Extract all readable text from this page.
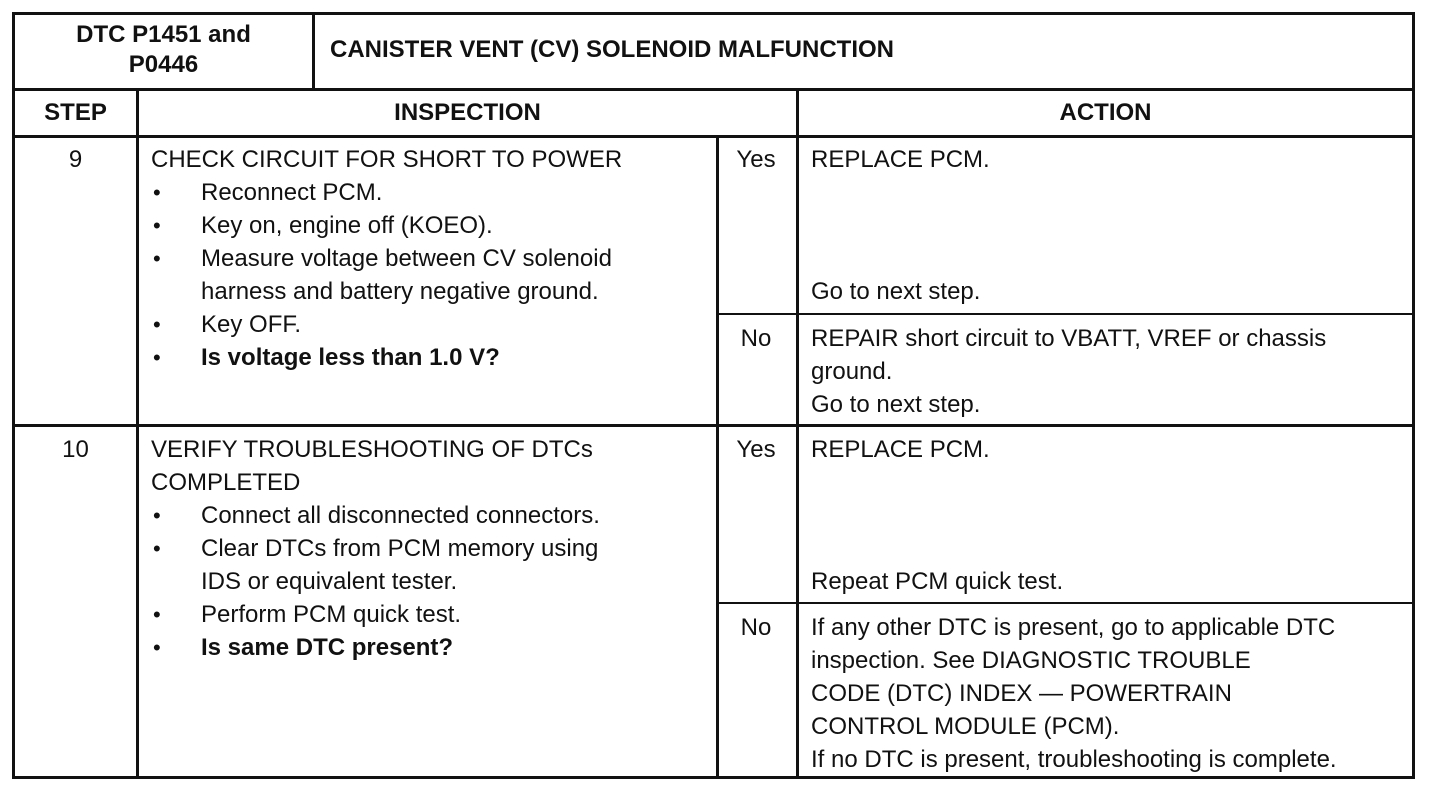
DTC P1451 and
P0446
CANISTER VENT (CV) SOLENOID MALFUNCTION
STEP	INSPECTION	ACTION
9	CHECK CIRCUIT FOR SHORT TO POWER
• Reconnect PCM.
• Key on, engine off (KOEO).
• Measure voltage between CV solenoid
harness and battery negative ground.
• Key OFF.
• Is voltage less than 1.0 V?
Yes	REPLACE PCM.
Go to next step.
No	REPAIR short circuit to VBATT, VREF or chassis
ground.
Go to next step.
10	VERIFY TROUBLESHOOTING OF DTCs
COMPLETED
• Connect all disconnected connectors.
• Clear DTCs from PCM memory using
IDS or equivalent tester.
• Perform PCM quick test.
• Is same DTC present?
Yes	REPLACE PCM.
Repeat PCM quick test.
No	If any other DTC is present, go to applicable DTC
inspection. See DIAGNOSTIC TROUBLE
CODE (DTC) INDEX — POWERTRAIN
CONTROL MODULE (PCM).
If no DTC is present, troubleshooting is complete.
